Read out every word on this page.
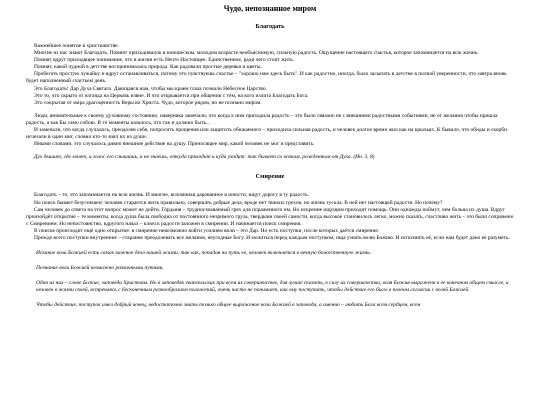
Чудо, непознанное миром
Благодать

Важнейшее понятие в христианстве.

Многие из нас знают Благодать. Помнят приходившую в юношеском, молодом возрасте необъяснимую, сильную радость. Ощущение настоящего счастья, которое запоминается на всю жизнь.

Помнят вдруг приходящее понимание, что в жизни есть Нечто Настоящее. Единственное, ради чего стоит жить.

Помнят, какой чудной в детстве воспринималась природа. Как радовали простые деревья и цветы.

Пробегать простую лужайку и вдруг останавливаться, потому что чувствуешь счастье – "хорошо нам здесь быть". И как радостно, иногда, было засыпать в детстве в полной уверенности, что завтра вновь будет наполненный счастьем день.

Это Благодать! Дар Духа Святаго. Дающаяся нам, чтобы мы краем глаза познали Небесное Царство.

Это то, что скрыто от взгляда на Церковь извне. И что открывается при общении с тем, на кого излита Благодать Бога.

Это сокрытая от мира драгоценность Веры во Христа. Чудо, которое рядом, но не познано миром.

Люди, внимательные к своему духовному состоянию, наверняка замечали, что когда к ним приходила радость – это было связано не с внешними радостными событиями, не от желания чтобы пришла радость, а как Бы само собою. В те моменты казалось, что так и должно быть...

И замечали, что когда случалось, преодолев себя, попросить прощения или защитить обижаемого – приходила сильная радость, и человек долгое время жил как на крыльях. К бывало, что обиды и скорби исчезали в один миг, словно кто-то взял их из души.

Иными словами, это случалось дивно внешние действие на душу. Приносящее мир, какой человек не мог и представить.

Дух дышит, где хочет, и голос его слышишь, а не знаешь, откуда приходит и куда уходит: так бывает со всяким, рожденным от Духа. (Ин. 3, 8)

Смирение

Благодать – то, что запоминается на всю жизнь. И многие, вспоминая дарованное в юности, ищут дорогу в ту радость.

Но поиск бывает безуспешен: человек старается жить правильно, совершать добрые дела, вроде нет тяжких грехов, но жизнь тускла. В ней нет настоящей радости. Но почему?

Сам человек до ответа на этот вопрос может не дойти. Гордыня – трудноузнаваемый грех для пораженного им. Но искренне ищущим приходит помощь. Они однажды поймут, чем больна их душа. Вдруг произойдёт открытие – те моменты, когда душа была свободна от постоянного незримого груза, твердыни своей самости, когда высокое становилось легко, можно сказать, счастливо жить – это было сопряжено с Смирением. Но непостоянство, вдругого начал – ключ к радости заложен в смирении. И начинается поиск смирения.

В поиске происходит ещё одно открытие: в смирение невозможно войти усилием воли – это Дар. Но есть поступки, после которых даётся смирение.

Прежде всего поступки внутренние – старание преодолевать все желания, неугодные Богу. И молиться перед каждым поступком, ища узнать волю Божию. И исполнять её, если нам будет дано её разуметь.

Искание воли Божией есть самое важное дело нашей жизни, так как, попадая на путь ее, человек включается в вечную божественную жизнь.

Познание воли Божией возможно различными путями.

Один из них – слово Божие, заповеди Христовы. Но в заповедях евангельских при всем их совершенстве, для лучше сказать, в силу их совершенства, воля Божия выражена в ее конечном общем смысле, и человек в жизни своей, встречаясь с бесконечным разнообразием положений, очень часто не понимает, как ему поступить, чтобы действие его было в полном согласии с волей Божией.

Чтобы действие, поступок имел добрый конец, недостаточно знать только общее выражение воли Божией в заповеди, а именно – любить Бога всем сердцем, всем
